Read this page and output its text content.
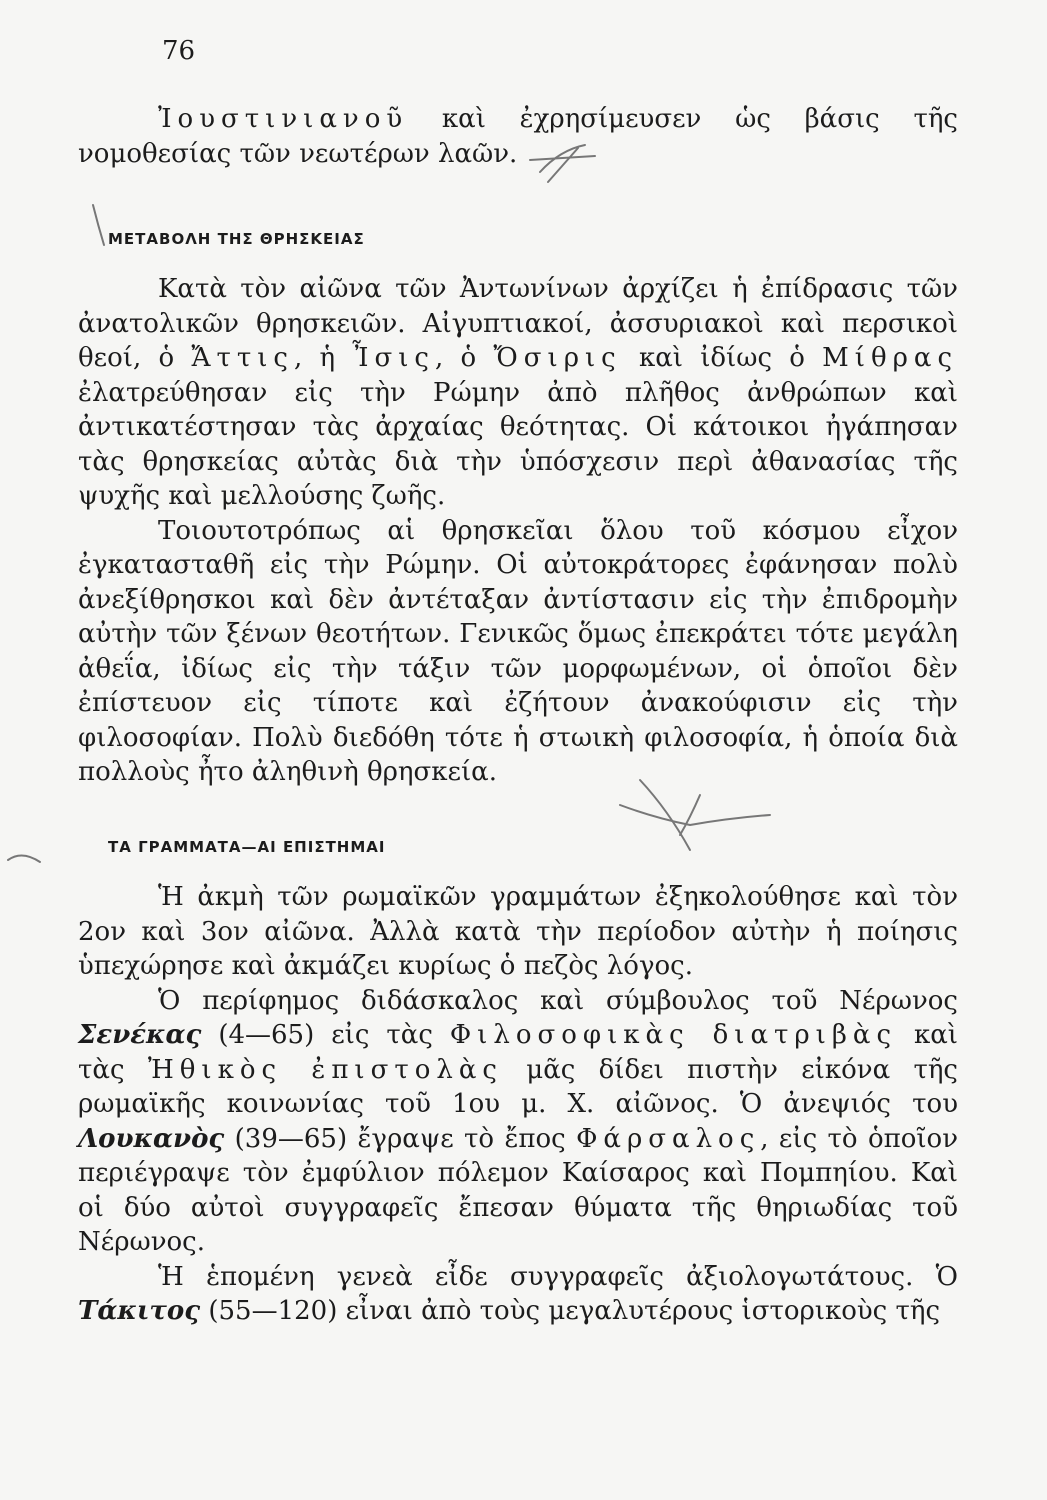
76

Ἰουστινιανοῦ καὶ ἐχρησίμευσεν ὡς βάσις τῆς νομοθεσίας τῶν νεωτέρων λαῶν.

ΜΕΤΑΒΟΛΗ ΤΗΣ ΘΡΗΣΚΕΙΑΣ

Κατὰ τὸν αἰῶνα τῶν Ἀντωνίνων ἀρχίζει ἡ ἐπίδρασις τῶν ἀνατολικῶν θρησκειῶν. Αἰγυπτιακοί, ἀσσυριακοὶ καὶ περσικοὶ θεοί, ὁ Ἄττις, ἡ Ἶσις, ὁ Ὄσιρις καὶ ἰδίως ὁ Μίθρας ἐλατρεύθησαν εἰς τὴν Ρώμην ἀπὸ πλῆθος ἀνθρώπων καὶ ἀντικατέστησαν τὰς ἀρχαίας θεότητας. Οἱ κάτοικοι ἠγάπησαν τὰς θρησκείας αὐτὰς διὰ τὴν ὑπόσχεσιν περὶ ἀθανασίας τῆς ψυχῆς καὶ μελλούσης ζωῆς.

Τοιουτοτρόπως αἱ θρησκεῖαι ὅλου τοῦ κόσμου εἶχον ἐγκατασταθῆ εἰς τὴν Ρώμην. Οἱ αὐτοκράτορες ἐφάνησαν πολὺ ἀνεξίθρησκοι καὶ δὲν ἀντέταξαν ἀντίστασιν εἰς τὴν ἐπιδρομὴν αὐτὴν τῶν ξένων θεοτήτων. Γενικῶς ὅμως ἐπεκράτει τότε μεγάλη ἀθεΐα, ἰδίως εἰς τὴν τάξιν τῶν μορφωμένων, οἱ ὁποῖοι δὲν ἐπίστευον εἰς τίποτε καὶ ἐζήτουν ἀνακούφισιν εἰς τὴν φιλοσοφίαν. Πολὺ διεδόθη τότε ἡ στωικὴ φιλοσοφία, ἡ ὁποία διὰ πολλοὺς ἦτο ἀληθινὴ θρησκεία.

ΤΑ ΓΡΑΜΜΑΤΑ—ΑΙ ΕΠΙΣΤΗΜΑΙ

Ἡ ἀκμὴ τῶν ρωμαϊκῶν γραμμάτων ἐξηκολούθησε καὶ τὸν 2ον καὶ 3ον αἰῶνα. Ἀλλὰ κατὰ τὴν περίοδον αὐτὴν ἡ ποίησις ὑπεχώρησε καὶ ἀκμάζει κυρίως ὁ πεζὸς λόγος.

Ὁ περίφημος διδάσκαλος καὶ σύμβουλος τοῦ Νέρωνος Σενέκας (4—65) εἰς τὰς Φιλοσοφικὰς διατριβὰς καὶ τὰς Ἠθικὸς ἐπιστολὰς μᾶς δίδει πιστὴν εἰκόνα τῆς ρωμαϊκῆς κοινωνίας τοῦ 1ου μ. Χ. αἰῶνος. Ὁ ἀνεψιός του Λουκανὸς (39—65) ἔγραψε τὸ ἔπος Φάρσαλος, εἰς τὸ ὁποῖον περιέγραψε τὸν ἐμφύλιον πόλεμον Καίσαρος καὶ Πομπηίου. Καὶ οἱ δύο αὐτοὶ συγγραφεῖς ἔπεσαν θύματα τῆς θηριωδίας τοῦ Νέρωνος.

Ἡ ἑπομένη γενεὰ εἶδε συγγραφεῖς ἀξιολογωτάτους. Ὁ Τάκιτος (55—120) εἶναι ἀπὸ τοὺς μεγαλυτέρους ἱστορικοὺς τῆς
